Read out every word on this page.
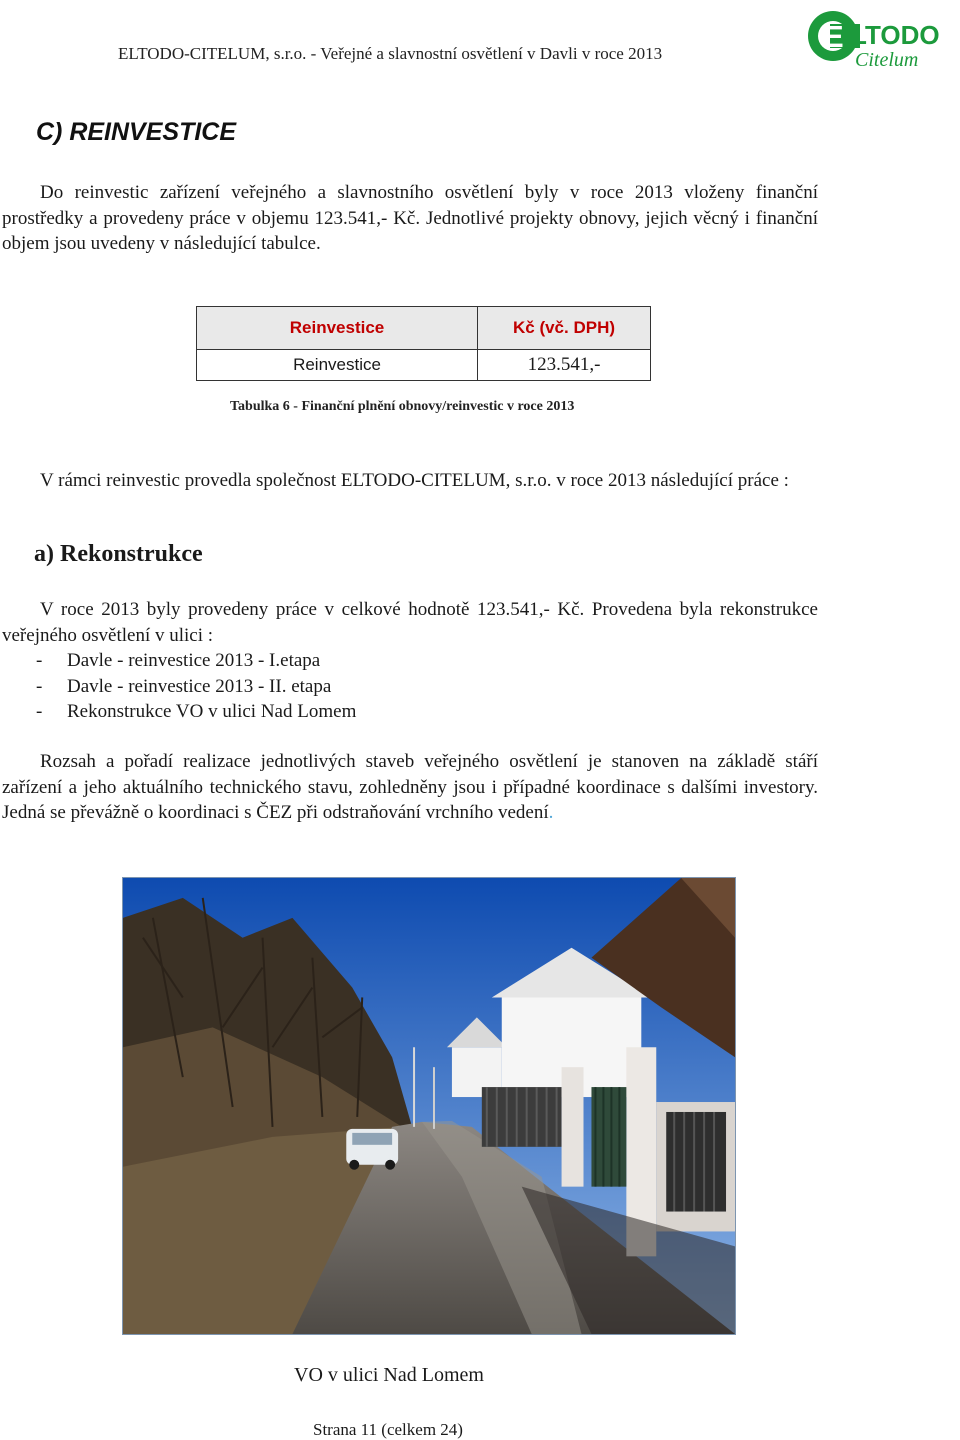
ELTODO-CITELUM, s.r.o. - Veřejné a slavnostní osvětlení v Davli v roce 2013	E LTODO
Citelum
C) REINVESTICE
Do reinvestic zařízení veřejného a slavnostního osvětlení byly v roce 2013 vloženy finanční prostředky a provedeny práce v objemu 123.541,- Kč. Jednotlivé projekty obnovy, jejich věcný i finanční objem jsou uvedeny v následující tabulce.
Reinvestice	Kč (vč. DPH)
Reinvestice	123.541,-
Tabulka 6 - Finanční plnění obnovy/reinvestic v roce 2013
V rámci reinvestic provedla společnost ELTODO-CITELUM, s.r.o. v roce 2013 následující práce :
a) Rekonstrukce
V roce 2013 byly provedeny práce v celkové hodnotě 123.541,- Kč. Provedena byla rekonstrukce veřejného osvětlení v ulici :
- Davle - reinvestice 2013 - I.etapa
- Davle - reinvestice 2013 - II. etapa
- Rekonstrukce VO v ulici Nad Lomem
Rozsah a pořadí realizace jednotlivých staveb veřejného osvětlení je stanoven na základě stáří zařízení a jeho aktuálního technického stavu, zohledněny jsou i případné koordinace s dalšími investory. Jedná se převážně o koordinaci s ČEZ při odstraňování vrchního vedení.
VO v ulici Nad Lomem
Strana 11 (celkem 24)
